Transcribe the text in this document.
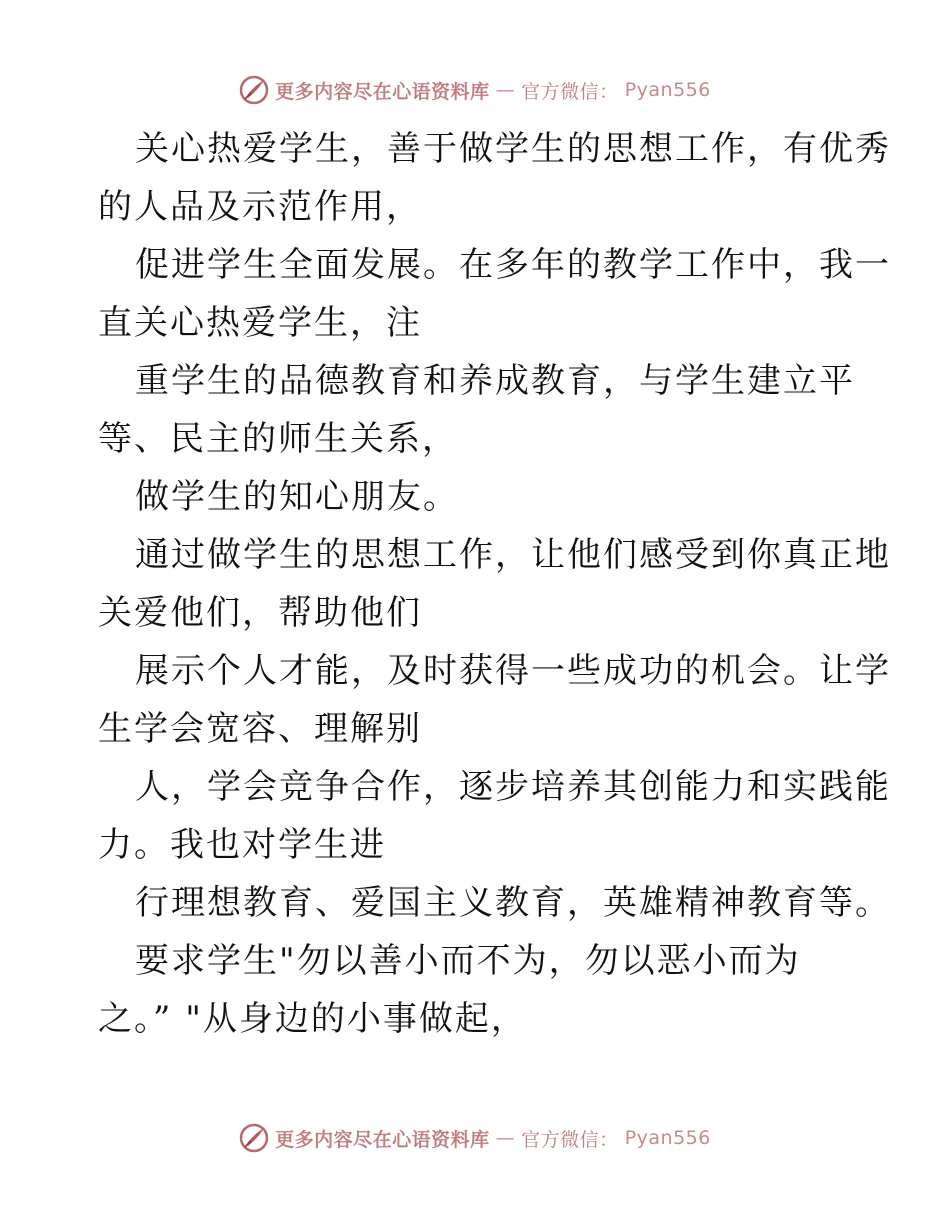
更多内容尽在心语资料库 — 官方微信： Pyan556
关心热爱学生，善于做学生的思想工作，有优秀
的人品及示范作用，
促进学生全面发展。在多年的教学工作中，我一
直关心热爱学生，注
重学生的品德教育和养成教育，与学生建立平
等、民主的师生关系，
做学生的知心朋友。
通过做学生的思想工作，让他们感受到你真正地
关爱他们，帮助他们
展示个人才能，及时获得一些成功的机会。让学
生学会宽容、理解别
人，学会竞争合作，逐步培养其创能力和实践能
力。我也对学生进
行理想教育、爱国主义教育，英雄精神教育等。
要求学生"勿以善小而不为，勿以恶小而为
之。” "从身边的小事做起，
更多内容尽在心语资料库 — 官方微信： Pyan556
